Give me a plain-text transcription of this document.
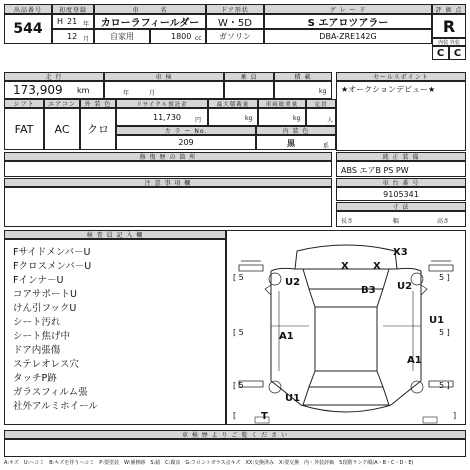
出品番号
544
初度登録
H 21 年
12 月
車　　　名
カローラフィールダー
自家用	1800 cc
ドア形状
W・5D
ガソリン
グ レ ー ド
S エアロツアラー
DBA-ZRE142G
評 価 点
R
内装 外装
C C
走 行
173,909 km
車 検
年	月
乗 員	積 載
kg
セールスポイント
★オークションデビュー★
シフト
FAT
エアコン
AC
外 装 色
クロ
リサイクル預託金
11,730 円
最大積載量
kg
車両総重量
kg
定員
人
カ ラ ー No.
209
内 装 色
黒	系
修 復 歴 の 箇 所
注 意 事 項 欄
純 正 装 備
ABS エアB PS PW
車 台 番 号
9105341
寸 法
長さ	幅	高さ
検 査 員 記 入 欄
Fサイドメンバ－U
Fクロスメンバ－U
Fインナ－U
コアサポートU
けん引フックU
シート汚れ
シート焦げ中
ドア内張傷
ステレオレス穴
タッチP跡
ガラスフィルム張
社外アルミホイール
[ 5	5 ]
[ 5	5 ]
[ 5	5 ]
[	]
X3
X X
U2
B3 U2
U1
A1
A1
U1
T
車 検 歴 よ り ご 覧 く だ さ い
A:キズ　U:ヘコミ　B:キズを伴うヘコミ　P:要塗装　W:補修跡　S:錆　C:腐食　G:フロントガラス点キズ　XX:交換済み　X:要交換　内・外装評価　5段階ランク順(A・B・C・D・E)
